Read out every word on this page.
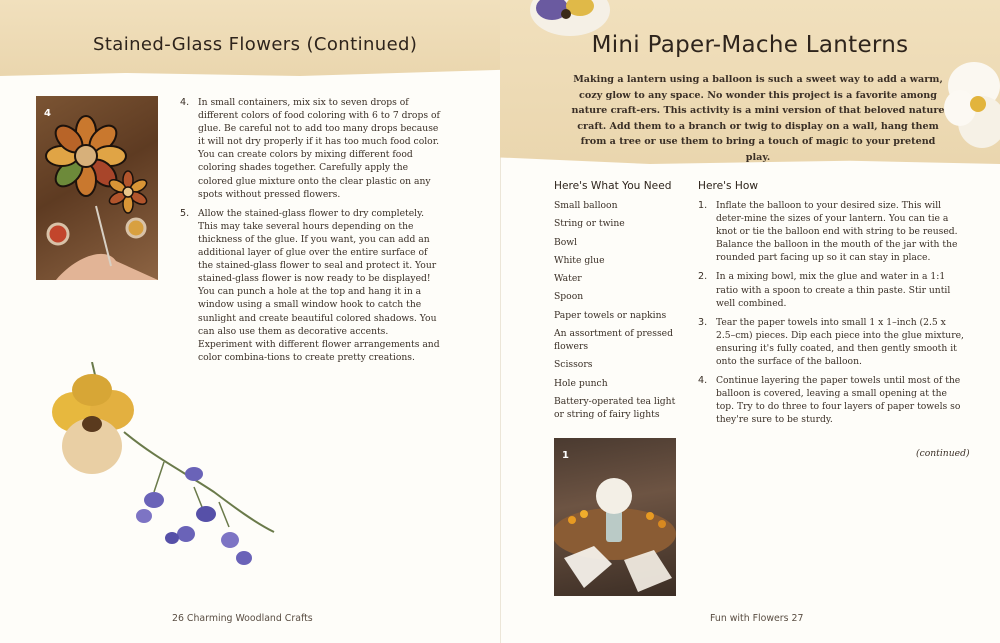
Stained-Glass Flowers (Continued)
4
4. In small containers, mix six to seven drops of different colors of food coloring with 6 to 7 drops of glue. Be careful not to add too many drops because it will not dry properly if it has too much food color. You can create colors by mixing different food coloring shades together. Carefully apply the colored glue mixture onto the clear plastic on any spots without pressed flowers.
5. Allow the stained-glass flower to dry completely. This may take several hours depending on the thickness of the glue. If you want, you can add an additional layer of glue over the entire surface of the stained-glass flower to seal and protect it. Your stained-glass flower is now ready to be displayed! You can punch a hole at the top and hang it in a window using a small window hook to catch the sunlight and create beautiful colored shadows. You can also use them as decorative accents. Experiment with different flower arrangements and color combina-tions to create pretty creations.
26 Charming Woodland Crafts
Mini Paper-Mache Lanterns
Making a lantern using a balloon is such a sweet way to add a warm, cozy glow to any space. No wonder this project is a favorite among nature craft-ers. This activity is a mini version of that beloved nature craft. Add them to a branch or twig to display on a wall, hang them from a tree or use them to bring a touch of magic to your pretend play.
Here's What You Need
Small balloon
String or twine
Bowl
White glue
Water
Spoon
Paper towels or napkins
An assortment of pressed flowers
Scissors
Hole punch
Battery-operated tea light or string of fairy lights
Here's How
1. Inflate the balloon to your desired size. This will deter-mine the sizes of your lantern. You can tie a knot or tie the balloon end with string to be reused. Balance the balloon in the mouth of the jar with the rounded part facing up so it can stay in place.
2. In a mixing bowl, mix the glue and water in a 1:1 ratio with a spoon to create a thin paste. Stir until well combined.
3. Tear the paper towels into small 1 x 1–inch (2.5 x 2.5–cm) pieces. Dip each piece into the glue mixture, ensuring it's fully coated, and then gently smooth it onto the surface of the balloon.
4. Continue layering the paper towels until most of the balloon is covered, leaving a small opening at the top. Try to do three to four layers of paper towels so they're sure to be sturdy.
(continued)
1
Fun with Flowers 27
